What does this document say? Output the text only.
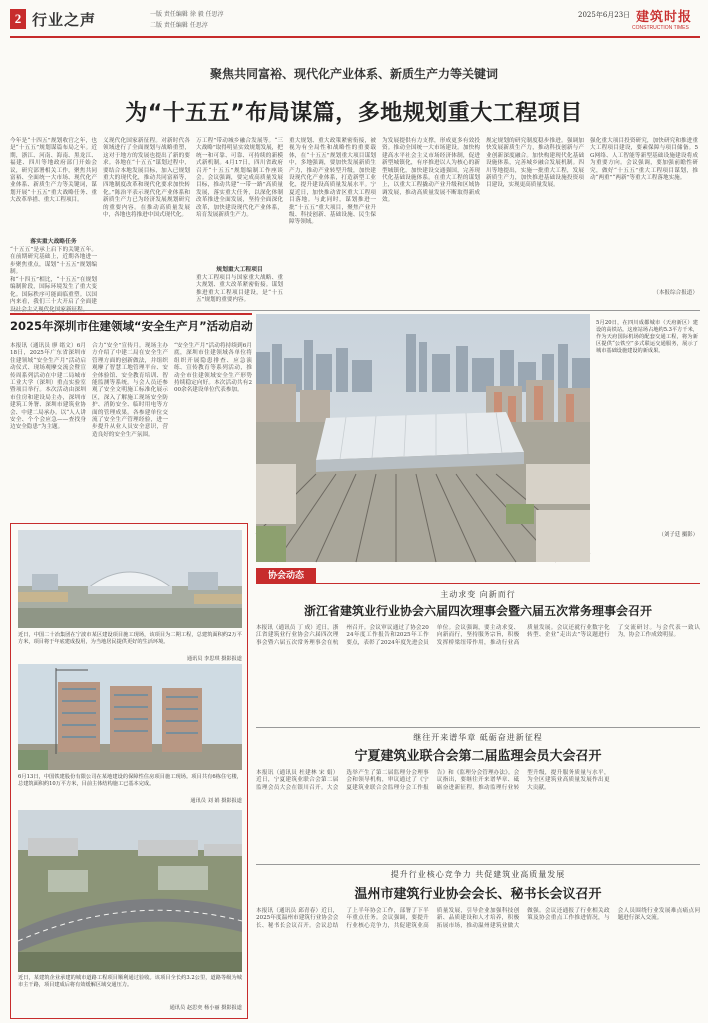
2 行业之声	一版 责任编辑 徐 毅 任思淳
二版 责任编辑 任思淳
2025年6月23日 建筑时报
CONSTRUCTION TIMES
聚焦共同富裕、现代化产业体系、新质生产力等关键词
为“十五五”布局谋篇，多地规划重大工程项目
今年是“十四五”规划收官之年，也是“十五五”规划谋篇布局之年。近期，浙江、河南、海南、黑龙江、福建、四川等地政府部门开始会议，研究部署相关工作，聚焦共同富裕、全面统一大市场、现代化产业体系、新质生产力等关键词，谋划开展“十五五”重大战略任务、重大改革举措、重大工程项目。
落实重大战略任务
“十五五”是承上启下的关键五年。在前期研究基础上，近期各地进一步聚焦重点，谋划“十五五”规划编制。
和“十四五”相比，“十五五”在规划编制阶段，国际环境发生了重大变化。国际秩序可能面临重塑。以国内来看，我们三十大开启了全面建
义现代化国家新征程。对新时代各领域进行了全面规划与战略重塑，这对于地方的发展也提出了新的要求。各地在“十五五”谋划过程中，要结合本地发展目标，加入已规划重大的现代化，推动共同富裕等，四地制度改革和现代化要求加快转化。”陈治平表示现代化产业体系和新质生产力已为经济发展规划研究的重要内容。在推动高质量发展中，各地也将推进中国式现代化。
万工程”带动城乡融合发展等。“三大战略”取得明显实效规划发展，把统一和可靠、可靠、可持续的新模式新机制。4月17日，四川省政府召开“十五五”规划编制工作座谈会。会议强调，要完成高质量发展目标，推动共建“一带一路”高质量发展，落实重大任务，以深化体制改革推进全面发展，坚持全面深化改革，加快建设现代化产业体系，培育发展新质生产力。
规划重大工程项目
重大工程项目与国家重大战略、重大规划、重大改革紧密衔接。谋划推进重大工程项目建设，是“十五五”规划的重要内容。
重大规划、重大政策紧密衔接，被视为有全局性和战略性的重要载体，在“十五五”规划重大项目谋划中，多地强调，要加快发展新质生产力，推动产业转型升级，加快建设现代化产业体系，打造新型工业化，提升建设高质量发展水平。宁夏近日，加快推动省区重大工程项目落地。与此同时，谋划推进一批“十五五”重大项目，聚焦产业升级、科技创新、基础设施、民生保障等领域。
为发展提供有力支撑，形成更多有效投资。推动全国统一大市场建设。加快构建高水平社会主义市场经济体制，促进新型城镇化，有序推进以人为核心的新型城镇化，加快建设交通强国，完善现代化基础设施体系。在重大工程的谋划上，以重大工程撬动产业升级和区域协调发展，推动高质量发展不断取得新成效。
规定规划的研究制度稳步推进。强调加快发展新质生产力，推动科技创新与产业创新深度融合。加快构建现代化基础设施体系，完善城乡融合发展机制。四川等地提出，实施一批重大工程，发展新质生产力，加快推进基础设施投资项目建设，实现更高质量发展。
强化重大项目投资研究，加快研究和推进重大工程项目建设，要素保障与项目储备。5G网络、人工智能等新型基础设施建设将成为重要方向。会议强调，要加强前瞻性研究，做好“十五五”重大工程项目谋划，推动“两重”“两新”等重大工程落地实施。
（本报综合报道）
2025年深圳市住建领域“安全生产月”活动启动
本报讯（通讯员 廖 绪文）6月18日，2025年广东省深圳市住建领域“安全生产月”活动启动仪式、现场观摩交流会暨宣传周系列活动在中建二局城市工业大学（深圳）重点实验室暨项目举行。本次活动由深圳市住房和建设局主办，深圳市建筑工务署、深圳市建筑业协会、中建二局承办。以“人人讲安全、个个会应急——查找身边安全隐患”为主题。
合力“安全”宣传月。现场主办方介绍了中建二局在安全生产管理方面的创新做法，并组织观摩了智慧工地管理平台、安全体验馆、安全教育培训、智能监测等系统。与会人员还参观了安全文明施工标准化展示区，深入了解施工现场安全防护、消防安全、临时用电等方面的管理成果。各参建单位交流了安全生产管理经验，进一步提升从业人员安全意识，营造良好的安全生产氛围。
“安全生产月”活动将持续到6月底，深圳市住建领域各单位将组织开展隐患排查、应急演练、宣传教育等系列活动，推动全市住建领域安全生产形势持续稳定向好。本次活动共有200余名建设单位代表参加。
5月20日，在四川成都城市（天府新区）建设的高铁站。这座站场占地约5.3平方千米，作为天府国际机场的配套交通工程，将为新区提供“公铁空”多式联运交通服务，展示了城市基础设施建设的新成果。
（刘子廷 摄影）
近日，中国二十冶集团在宁波市某区建设项目施工现场，该项目为二期工程，总建筑面积约2万平方米，项目将于年底建成投用，为当地居民提供更好的生活环境。
通讯员 李思琪 摄影报道
6月13日，中国铁建股份有限公司在某地建设的保障性住房项目施工现场。项目共有6栋住宅楼，总建筑面积约10万平方米，目前主体结构施工已基本完成。
通讯员 刘 娟 摄影报道
近日，某建筑企业承建的城市道路工程项目顺利通过验收。该项目全长约3.2公里，道路等级为城市主干路，项目建成后将有效缓解区域交通压力。
通讯员 赵思奕 杨小丽 摄影报道
协会动态
主动求变 向新而行
浙江省建筑业行业协会六届四次理事会暨六届五次常务理事会召开
本报讯（通讯员 丁 成）近日，浙江省建筑业行业协会六届四次理事会暨六届五次常务理事会在杭州召开。会议审议通过了协会2024年度工作报告和2025年工作要点，表彰了2024年度先进会员单位。会议强调，要主动求变、向新而行，坚持服务宗旨，积极发挥桥梁纽带作用，推动行业高质量发展。会议还就行业数字化转型、企业“走出去”等议题进行了交流研讨。与会代表一致认为，协会工作成效明显。
继往开来谱华章 砥砺奋进新征程
宁夏建筑业联合会第二届监理会员大会召开
本报讯（通讯员 杜建林 宋 娟）近日，宁夏建筑业联合会第二届监理会员大会在银川召开。大会选举产生了第二届监理分会理事会和领导机构，审议通过了《宁夏建筑业联合会监理分会工作报告》和《监理分会管理办法》。会议指出，要继往开来谱华章、砥砺奋进新征程，推动监理行业转型升级，提升服务质量与水平，为全区建筑业高质量发展作出更大贡献。
提升行业核心竞争力 共促建筑业高质量发展
温州市建筑行业协会会长、秘书长会议召开
本报讯（通讯员 邱青春）近日，2025年度温州市建筑行业协会会长、秘书长会议召开。会议总结了上半年协会工作，部署了下半年重点任务。会议强调，要提升行业核心竞争力，共促建筑业高质量发展，引导企业加强科技创新、品质建设和人才培养，积极拓展市场，推动温州建筑业做大做强。会议还通报了行业相关政策及协会重点工作推进情况，与会人员围绕行业发展难点痛点问题进行深入交流。
